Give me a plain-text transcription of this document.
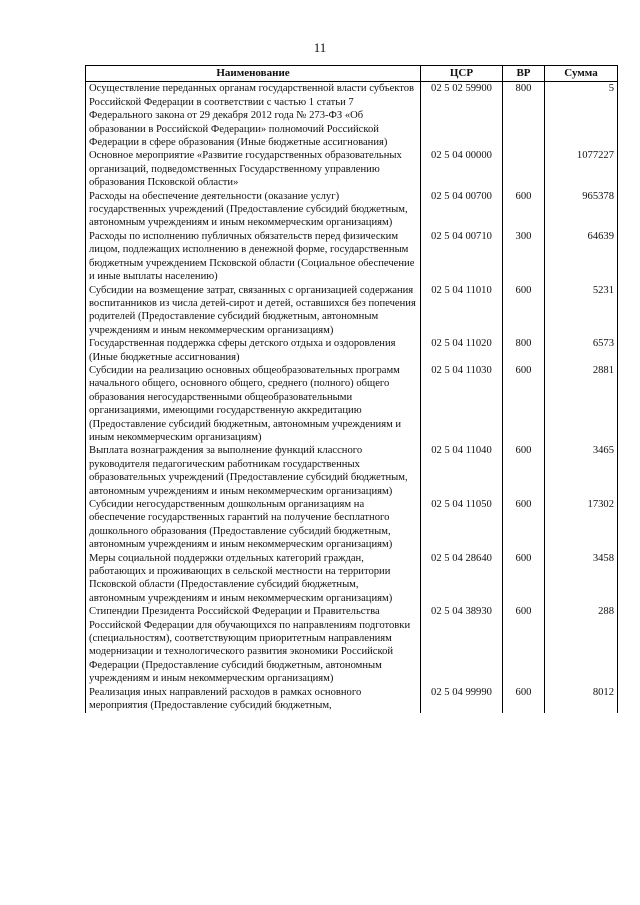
11
Наименование	ЦСР	ВР	Сумма
Осуществление переданных органам государственной власти субъектов Российской Федерации в соответствии с частью 1 статьи 7 Федерального закона от 29 декабря 2012 года № 273-ФЗ «Об образовании в Российской Федерации» полномочий Российской Федерации в сфере образования (Иные бюджетные ассигнования)	02 5 02 59900	800	5
Основное мероприятие «Развитие государственных образовательных организаций, подведомственных Государственному управлению образования Псковской области»	02 5 04 00000		1077227
Расходы на обеспечение деятельности (оказание услуг) государственных учреждений (Предоставление субсидий бюджетным, автономным учреждениям и иным некоммерческим организациям)	02 5 04 00700	600	965378
Расходы по исполнению публичных обязательств перед физическим лицом, подлежащих исполнению в денежной форме, государственным бюджетным учреждением Псковской области (Социальное обеспечение и иные выплаты населению)	02 5 04 00710	300	64639
Субсидии на возмещение затрат, связанных с организацией содержания воспитанников из числа детей-сирот и детей, оставшихся без попечения родителей (Предоставление субсидий бюджетным, автономным учреждениям и иным некоммерческим организациям)	02 5 04 11010	600	5231
Государственная поддержка сферы детского отдыха и оздоровления (Иные бюджетные ассигнования)	02 5 04 11020	800	6573
Субсидии на реализацию основных общеобразовательных программ начального общего, основного общего, среднего (полного) общего образования негосударственными общеобразовательными организациями, имеющими государственную аккредитацию (Предоставление субсидий бюджетным, автономным учреждениям и иным некоммерческим организациям)	02 5 04 11030	600	2881
Выплата вознаграждения за выполнение функций классного руководителя педагогическим работникам государственных образовательных учреждений (Предоставление субсидий бюджетным, автономным учреждениям и иным некоммерческим организациям)	02 5 04 11040	600	3465
Субсидии негосударственным дошкольным организациям на обеспечение государственных гарантий на получение бесплатного дошкольного образования (Предоставление субсидий бюджетным, автономным учреждениям и иным некоммерческим организациям)	02 5 04 11050	600	17302
Меры социальной поддержки отдельных категорий граждан, работающих и проживающих в сельской местности на территории Псковской области (Предоставление субсидий бюджетным, автономным учреждениям и иным некоммерческим организациям)	02 5 04 28640	600	3458
Стипендии Президента Российской Федерации и Правительства Российской Федерации для обучающихся по направлениям подготовки (специальностям), соответствующим приоритетным направлениям модернизации и технологического развития экономики Российской Федерации (Предоставление субсидий бюджетным, автономным учреждениям и иным некоммерческим организациям)	02 5 04 38930	600	288
Реализация иных направлений расходов в рамках основного мероприятия (Предоставление субсидий бюджетным,	02 5 04 99990	600	8012
